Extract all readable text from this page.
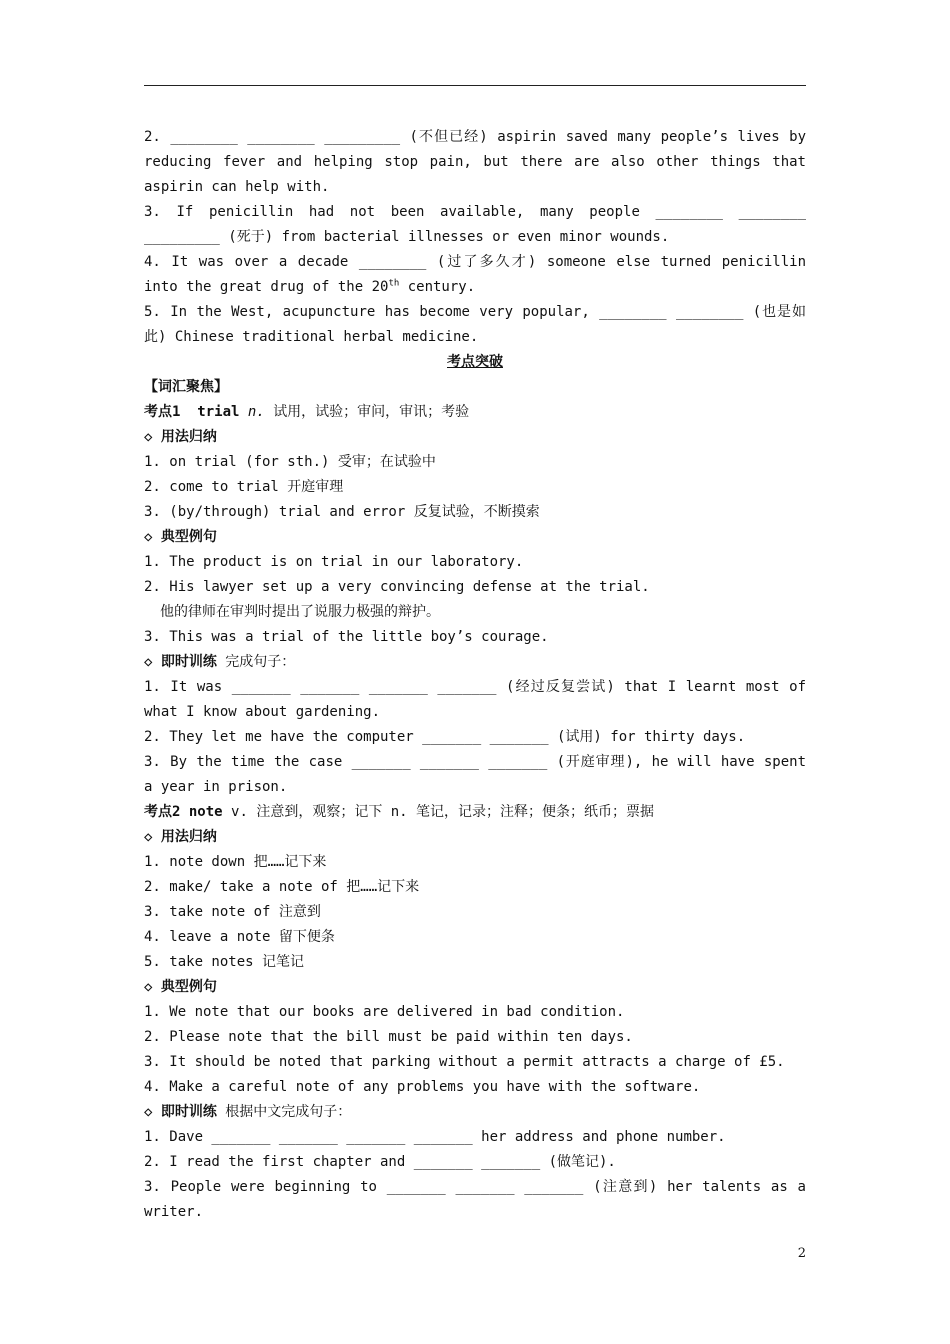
2. ________ ________ _________ (不但已经) aspirin saved many people’s lives by
reducing fever and helping stop pain, but there are also other things that
aspirin can help with.
3. If penicillin had not been available, many people ________ ________
_________ (死于) from bacterial illnesses or even minor wounds.
4. It was over a decade ________ (过了多久才) someone else turned penicillin
into the great drug of the 20th century.
5. In the West, acupuncture has become very popular, ________ ________ (也是如
此) Chinese traditional herbal medicine.
考点突破
【词汇聚焦】
考点1 trial n. 试用，试验；审问，审讯；考验
◇ 用法归纳
1. on trial (for sth.) 受审；在试验中
2. come to trial 开庭审理
3. (by/through) trial and error 反复试验，不断摸索
◇ 典型例句
1. The product is on trial in our laboratory.
2. His lawyer set up a very convincing defense at the trial.
他的律师在审判时提出了说服力极强的辩护。
3. This was a trial of the little boy’s courage.
◇ 即时训练 完成句子：
1. It was _______ _______ _______ _______ (经过反复尝试) that I learnt most of
what I know about gardening.
2. They let me have the computer _______ _______ (试用) for thirty days.
3. By the time the case _______ _______ _______ (开庭审理), he will have spent
a year in prison.
考点2 note v. 注意到，观察；记下 n. 笔记，记录；注释；便条；纸币；票据
◇ 用法归纳
1. note down 把……记下来
2. make/ take a note of 把……记下来
3. take note of 注意到
4. leave a note 留下便条
5. take notes 记笔记
◇ 典型例句
1. We note that our books are delivered in bad condition.
2. Please note that the bill must be paid within ten days.
3. It should be noted that parking without a permit attracts a charge of £5.
4. Make a careful note of any problems you have with the software.
◇ 即时训练 根据中文完成句子：
1. Dave _______ _______ _______ _______ her address and phone number.
2. I read the first chapter and _______ _______ (做笔记).
3. People were beginning to _______ _______ _______ (注意到) her talents as a
writer.
2
